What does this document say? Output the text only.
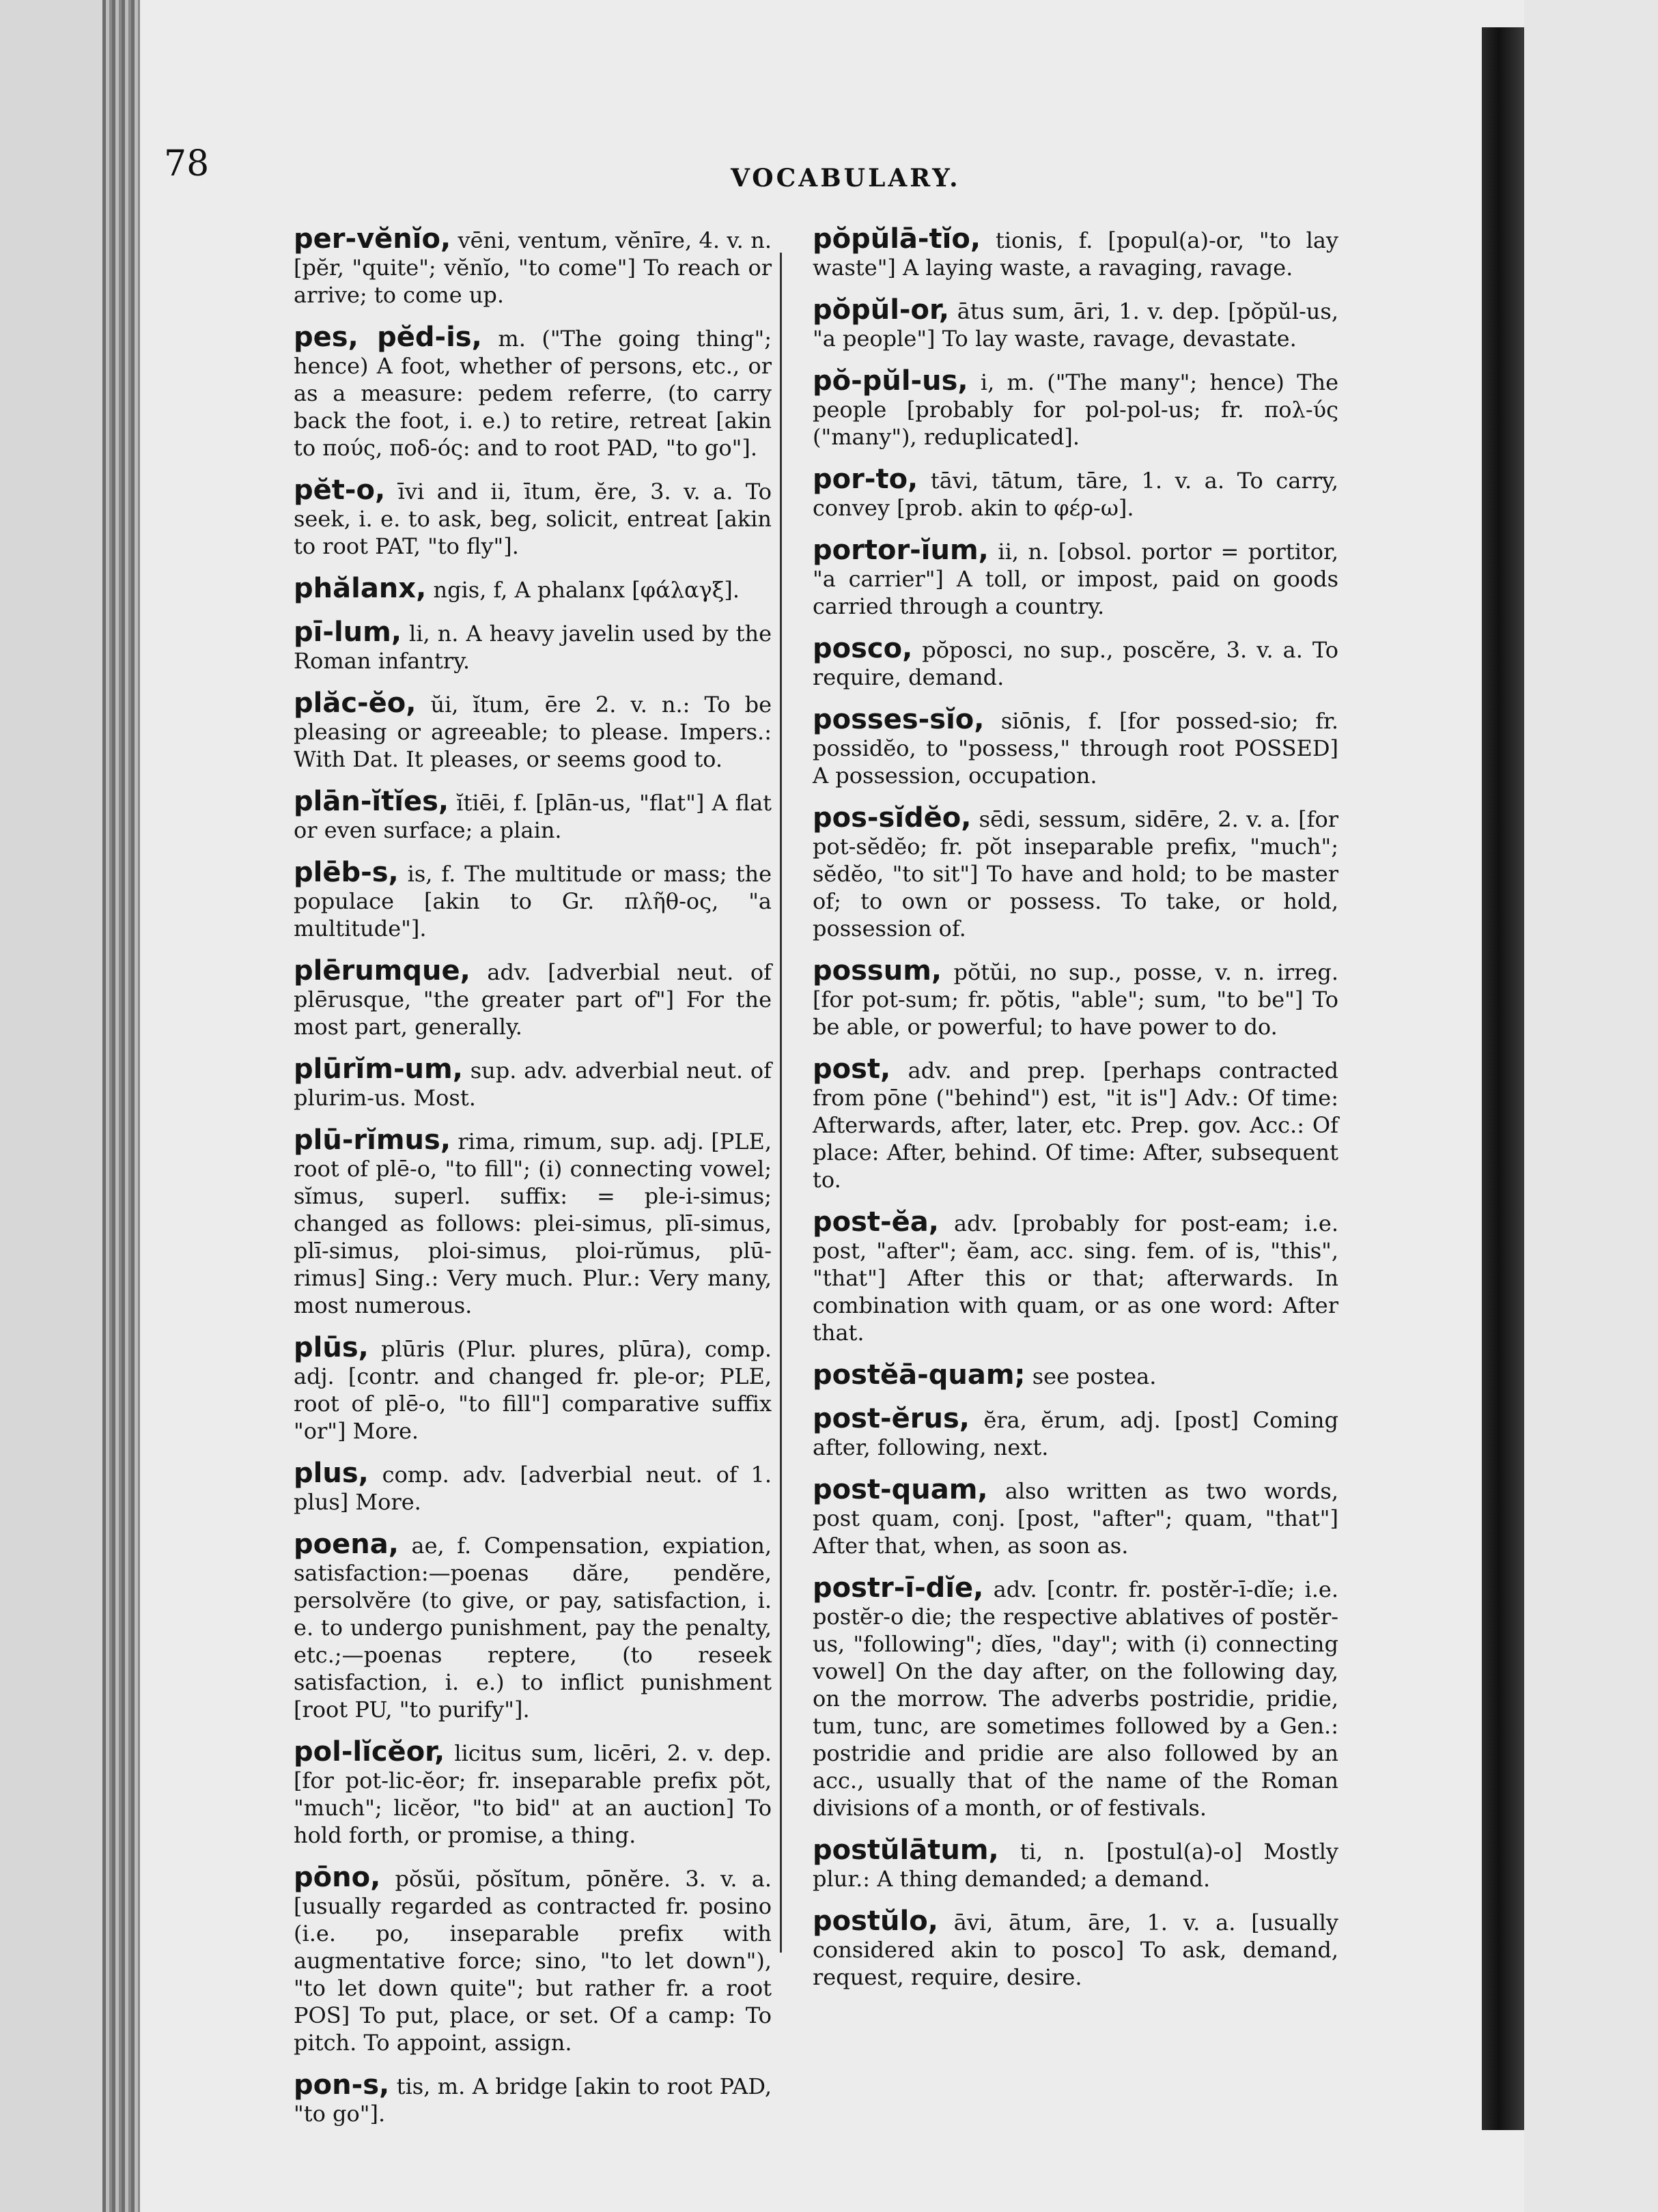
78	VOCABULARY.

per-vĕnĭo, vēni, ventum, vĕnīre, 4. v. n. [pĕr, "quite"; vĕnĭo, "to come"] To reach or arrive; to come up.

pes, pĕd-is, m. ("The going thing"; hence) A foot, whether of persons, etc., or as a measure: pedem referre, (to carry back the foot, i. e.) to retire, retreat [akin to πούς, ποδ-ός: and to root PAD, "to go"].

pĕt-o, īvi and ii, ītum, ĕre, 3. v. a. To seek, i. e. to ask, beg, solicit, entreat [akin to root PAT, "to fly"].

phălanx, ngis, f, A phalanx [φάλαγξ].

pī-lum, li, n. A heavy javelin used by the Roman infantry.

plăc-ĕo, ŭi, ĭtum, ēre 2. v. n.: To be pleasing or agreeable; to please. Impers.: With Dat. It pleases, or seems good to.

plān-ĭtĭes, ĭtiēi, f. [plān-us, "flat"] A flat or even surface; a plain.

plēb-s, is, f. The multitude or mass; the populace [akin to Gr. πλῆθ-ος, "a multitude"].

plērumque, adv. [adverbial neut. of plērusque, "the greater part of"] For the most part, generally.

plūrĭm-um, sup. adv. adverbial neut. of plurim-us. Most.

plū-rĭmus, rima, rimum, sup. adj. [PLE, root of plē-o, "to fill"; (i) connecting vowel; sĭmus, superl. suffix: = ple-i-simus; changed as follows: plei-simus, plī-simus, plī-simus, ploi-simus, ploi-rŭmus, plū-rimus] Sing.: Very much. Plur.: Very many, most numerous.

plūs, plūris (Plur. plures, plūra), comp. adj. [contr. and changed fr. ple-or; PLE, root of plē-o, "to fill"] comparative suffix "or"] More.

plus, comp. adv. [adverbial neut. of 1. plus] More.

poena, ae, f. Compensation, expiation, satisfaction:—poenas dăre, pendĕre, persolvĕre (to give, or pay, satisfaction, i. e. to undergo punishment, pay the penalty, etc.;—poenas reptere, (to reseek satisfaction, i. e.) to inflict punishment [root PU, "to purify"].

pol-lĭcĕor, licitus sum, licēri, 2. v. dep. [for pot-lic-ĕor; fr. inseparable prefix pŏt, "much"; licĕor, "to bid" at an auction] To hold forth, or promise, a thing.

pōno, pŏsŭi, pŏsĭtum, pōnĕre. 3. v. a. [usually regarded as contracted fr. posino (i.e. po, inseparable prefix with augmentative force; sino, "to let down"), "to let down quite"; but rather fr. a root POS] To put, place, or set. Of a camp: To pitch. To appoint, assign.

pon-s, tis, m. A bridge [akin to root PAD, "to go"].

pŏpŭlā-tĭo, tionis, f. [popul(a)-or, "to lay waste"] A laying waste, a ravaging, ravage.

pŏpŭl-or, ātus sum, āri, 1. v. dep. [pŏpŭl-us, "a people"] To lay waste, ravage, devastate.

pŏ-pŭl-us, i, m. ("The many"; hence) The people [probably for pol-pol-us; fr. πολ-ύς ("many"), reduplicated].

por-to, tāvi, tātum, tāre, 1. v. a. To carry, convey [prob. akin to φέρ-ω].

portor-ĭum, ii, n. [obsol. portor = portitor, "a carrier"] A toll, or impost, paid on goods carried through a country.

posco, pŏposci, no sup., poscĕre, 3. v. a. To require, demand.

posses-sĭo, siōnis, f. [for possed-sio; fr. possidĕo, to "possess," through root POSSED] A possession, occupation.

pos-sĭdĕo, sēdi, sessum, sidēre, 2. v. a. [for pot-sĕdĕo; fr. pŏt inseparable prefix, "much"; sĕdĕo, "to sit"] To have and hold; to be master of; to own or possess. To take, or hold, possession of.

possum, pŏtŭi, no sup., posse, v. n. irreg. [for pot-sum; fr. pŏtis, "able"; sum, "to be"] To be able, or powerful; to have power to do.

post, adv. and prep. [perhaps contracted from pōne ("behind") est, "it is"] Adv.: Of time: Afterwards, after, later, etc. Prep. gov. Acc.: Of place: After, behind. Of time: After, subsequent to.

post-ĕa, adv. [probably for post-eam; i.e. post, "after"; ĕam, acc. sing. fem. of is, "this", "that"] After this or that; afterwards. In combination with quam, or as one word: After that.

postĕā-quam; see postea.

post-ĕrus, ĕra, ĕrum, adj. [post] Coming after, following, next.

post-quam, also written as two words, post quam, conj. [post, "after"; quam, "that"] After that, when, as soon as.

postr-ī-dĭe, adv. [contr. fr. postĕr-ī-dĭe; i.e. postĕr-o die; the respective ablatives of postĕr-us, "following"; dĭes, "day"; with (i) connecting vowel] On the day after, on the following day, on the morrow. The adverbs postridie, pridie, tum, tunc, are sometimes followed by a Gen.: postridie and pridie are also followed by an acc., usually that of the name of the Roman divisions of a month, or of festivals.

postŭlātum, ti, n. [postul(a)-o] Mostly plur.: A thing demanded; a demand.

postŭlo, āvi, ātum, āre, 1. v. a. [usually considered akin to posco] To ask, demand, request, require, desire.
